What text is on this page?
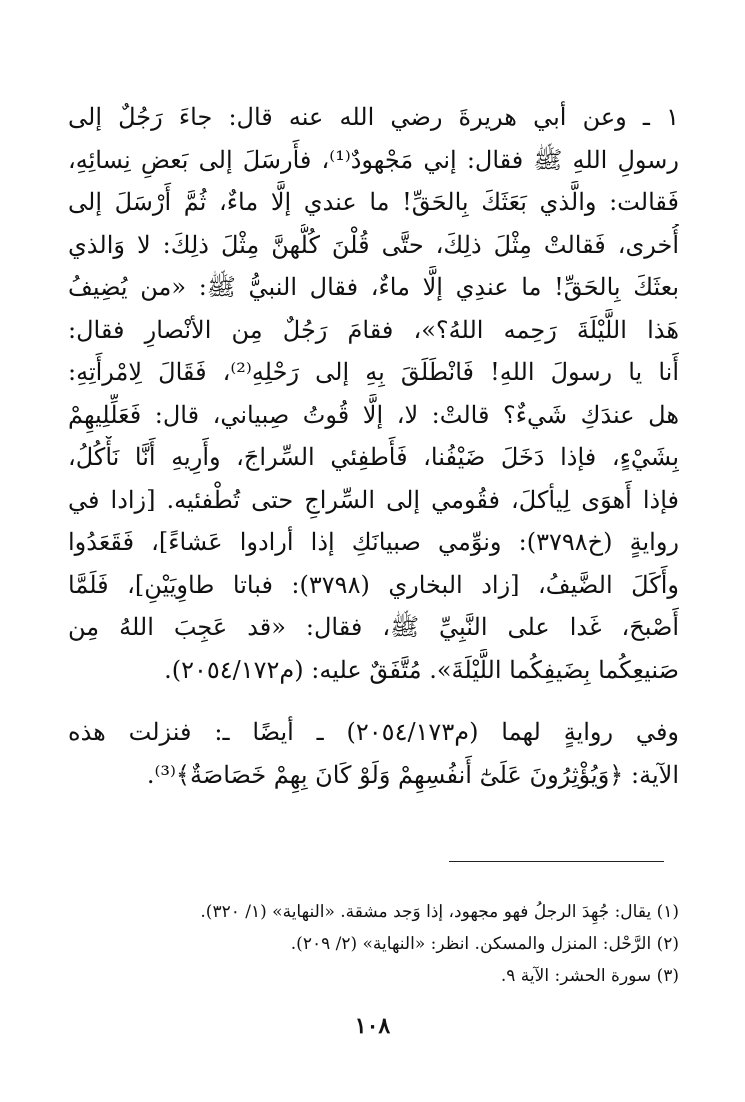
١ ـ وعن أبي هريرةَ رضي الله عنه قال: جاءَ رَجُلٌ إلى
رسولِ اللهِ ﷺ فقال: إني مَجْهودٌ⁽¹⁾، فأَرسَلَ إلى بَعضِ نِسائِهِ،
فَقالت: والَّذي بَعَثَكَ بِالحَقِّ! ما عندي إلَّا ماءٌ، ثُمَّ أَرْسَلَ إلى
أُخرى، فَقالتْ مِثْلَ ذلِكَ، حتَّى قُلْنَ كُلُّهنَّ مِثْلَ ذلِكَ: لا وَالذي
بعثَكَ بِالحَقِّ! ما عندِي إلَّا ماءٌ، فقال النبيُّ ﷺ: «من يُضِيفُ
هَذا اللَّيْلَةَ رَحِمه اللهُ؟»، فقامَ رَجُلٌ مِن الأنْصارِ فقال:
أَنا يا رسولَ اللهِ! فَانْطَلَقَ بِهِ إلى رَحْلِهِ⁽²⁾، فَقَالَ لِامْرأَتِهِ:
هل عندَكِ شَيءٌ؟ قالتْ: لا، إلَّا قُوتُ صِبياني، قال: فَعَلِّلِيهِمْ
بِشَيْءٍ، فإذا دَخَلَ ضَيْفُنا، فَأَطفِئي السِّراجَ، وأَرِيهِ أَنَّا نَأْكُلُ،
فإذا أَهوَى لِيأكلَ، فقُومي إلى السِّراجِ حتى تُطْفئيه. [زادا في
روايةٍ (خ٣٧٩٨): ونوِّمي صبيانَكِ إذا أرادوا عَشاءً]، فَقَعَدُوا
وأَكَلَ الضَّيفُ، [زاد البخاري (٣٧٩٨): فباتا طاوِيَيْنِ]، فَلَمَّا
أَصْبحَ، غَدا على النَّبِيِّ ﷺ، فقال: «قد عَجِبَ اللهُ مِن
صَنيعِكُما بِضَيفِكُما اللَّيْلَةَ». مُتَّفَقٌ عليه: (م٢٠٥٤/١٧٢).
وفي روايةٍ لهما (م٢٠٥٤/١٧٣) ـ أيضًا ـ: فنزلت هذه
الآية: ﴿وَيُؤْثِرُونَ عَلَىٰٓ أَنفُسِهِمْ وَلَوْ كَانَ بِهِمْ خَصَاصَةٌ﴾⁽³⁾.
(١) يقال: جُهِدَ الرجلُ فهو مجهود، إذا وَجد مشقة. «النهاية» (١/ ٣٢٠).
(٢) الرَّحْل: المنزل والمسكن. انظر: «النهاية» (٢/ ٢٠٩).
(٣) سورة الحشر: الآية ٩.
١٠٨
